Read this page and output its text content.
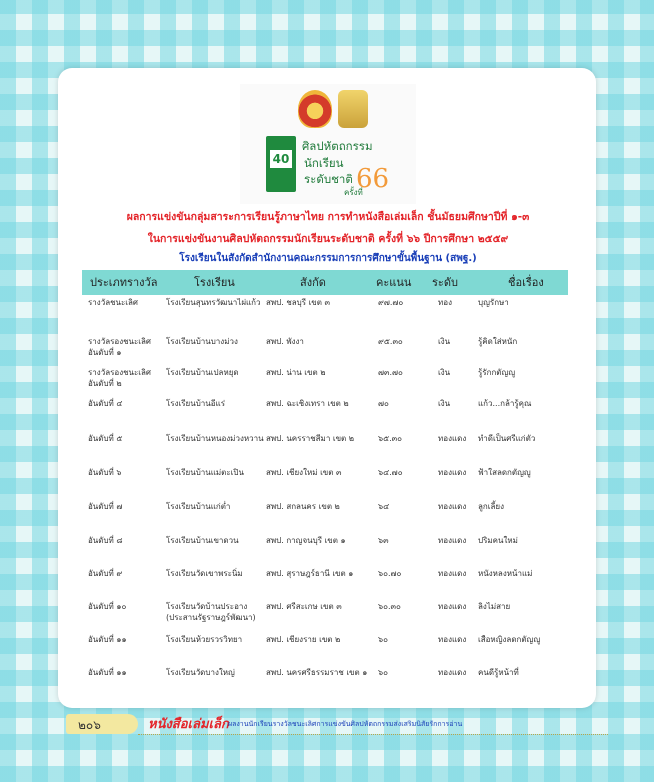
40
ศิลปหัตถกรรม
นักเรียน
ระดับชาติ
ครั้งที่
66
ผลการแข่งขันกลุ่มสาระการเรียนรู้ภาษาไทย การทำหนังสือเล่มเล็ก ชั้นมัธยมศึกษาปีที่ ๑-๓
ในการแข่งขันงานศิลปหัตถกรรมนักเรียนระดับชาติ ครั้งที่ ๖๖ ปีการศึกษา ๒๕๕๙
โรงเรียนในสังกัดสำนักงานคณะกรรมการการศึกษาขั้นพื้นฐาน (สพฐ.)
ประเภทรางวัล	โรงเรียน	สังกัด	คะแนน ระดับ	ชื่อเรื่อง
รางวัลชนะเลิศ	โรงเรียนสุนทรวัฒนาไผ่แก้ว สพป. ชลบุรี เขต ๓	๙๗.๗๐	ทอง	บุญรักษา
รางวัลรองชนะเลิศ
อันดับที่ ๑
โรงเรียนบ้านบางม่วง	สพป. พังงา	๙๕.๓๐	เงิน	รู้คิดใส่หนัก
รางวัลรองชนะเลิศ
อันดับที่ ๒
โรงเรียนบ้านเปลหยุด	สพป. น่าน เขต ๒	๗๓.๗๐	เงิน	รู้รักกตัญญู
อันดับที่ ๔	โรงเรียนบ้านอีแร่	สพป. ฉะเชิงเทรา เขต ๒	๗๐	เงิน	แก้ว...กล้ารู้คุณ
อันดับที่ ๕	โรงเรียนบ้านหนองม่วงหวาน สพป. นครราชสีมา เขต ๒	๖๕.๓๐	ทองแดง ทำดีเป็นศรีแก่ตัว
อันดับที่ ๖	โรงเรียนบ้านแม่ตะเปิน	สพป. เชียงใหม่ เขต ๓	๖๔.๗๐	ทองแดง ฟ้าใสลดกตัญญู
อันดับที่ ๗	โรงเรียนบ้านแก่ต่ำ	สพป. สกลนคร เขต ๒	๖๔	ทองแดง ลูกเลี้ยง
อันดับที่ ๘	โรงเรียนบ้านเขาดวน	สพป. กาญจนบุรี เขต ๑	๖๓	ทองแดง ปริมคนใหม่
อันดับที่ ๙	โรงเรียนวัดเขาพระนิ่ม	สพป. สุราษฎร์ธานี เขต ๑	๖๐.๗๐	ทองแดง หนังหลงหน้าแม่
อันดับที่ ๑๐	โรงเรียนวัดบ้านประอาง
(ประสานรัฐราษฎร์พัฒนา)
สพป. ศรีสะเกษ เขต ๓	๖๐.๓๐	ทองแดง ลิงไม่สาย
อันดับที่ ๑๑	โรงเรียนห้วยรวรวิทยา	สพป. เชียงราย เขต ๒	๖๐	ทองแดง เสือหญิงลดกตัญญู
อันดับที่ ๑๑	โรงเรียนวัดบางใหญ่	สพป. นครศรีธรรมราช เขต ๑ ๖๐	ทองแดง คนดีรู้หน้าที่
๒๐๖	หนังสือเล่มเล็ก ผลงานนักเรียนรางวัลชนะเลิศการแข่งขันศิลปหัตถกรรมส่งเสริมนิสัยรักการอ่าน
